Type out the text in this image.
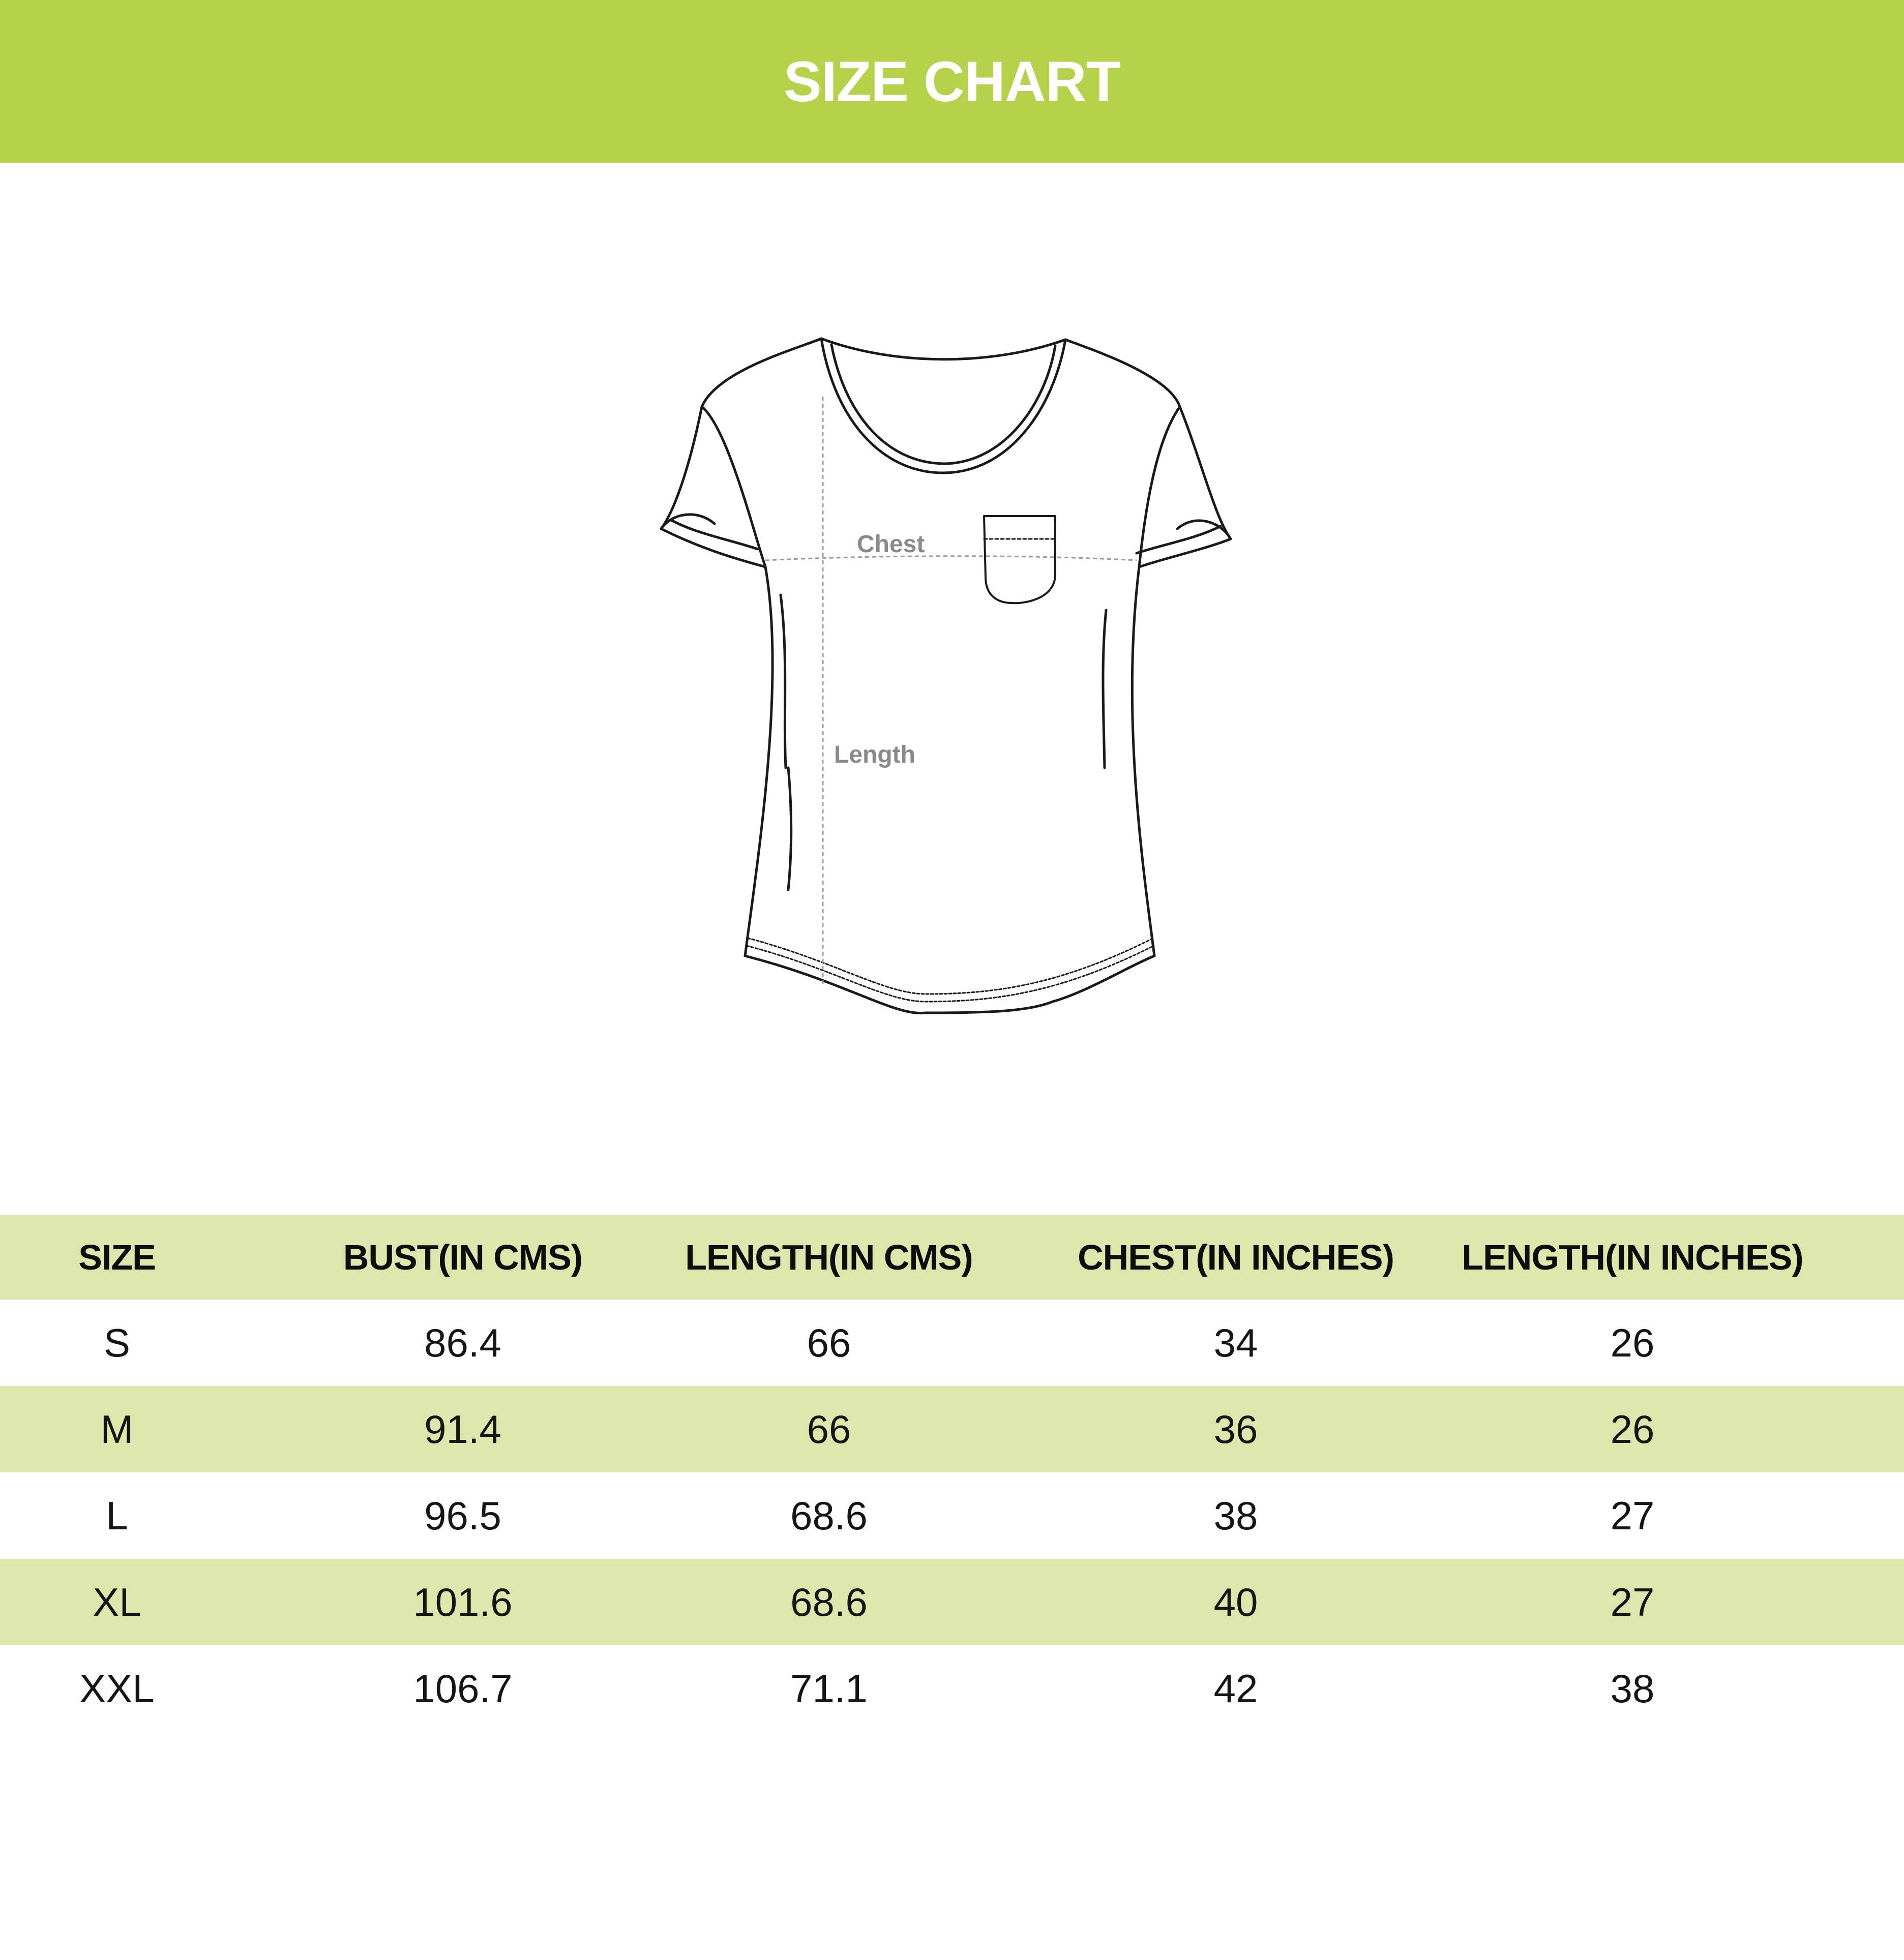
SIZE CHART
Chest
Length
SIZE	BUST(IN CMS)	LENGTH(IN CMS)	CHEST(IN INCHES)	LENGTH(IN INCHES)
S	86.4	66	34	26
M	91.4	66	36	26
L	96.5	68.6	38	27
XL	101.6	68.6	40	27
XXL	106.7	71.1	42	38
